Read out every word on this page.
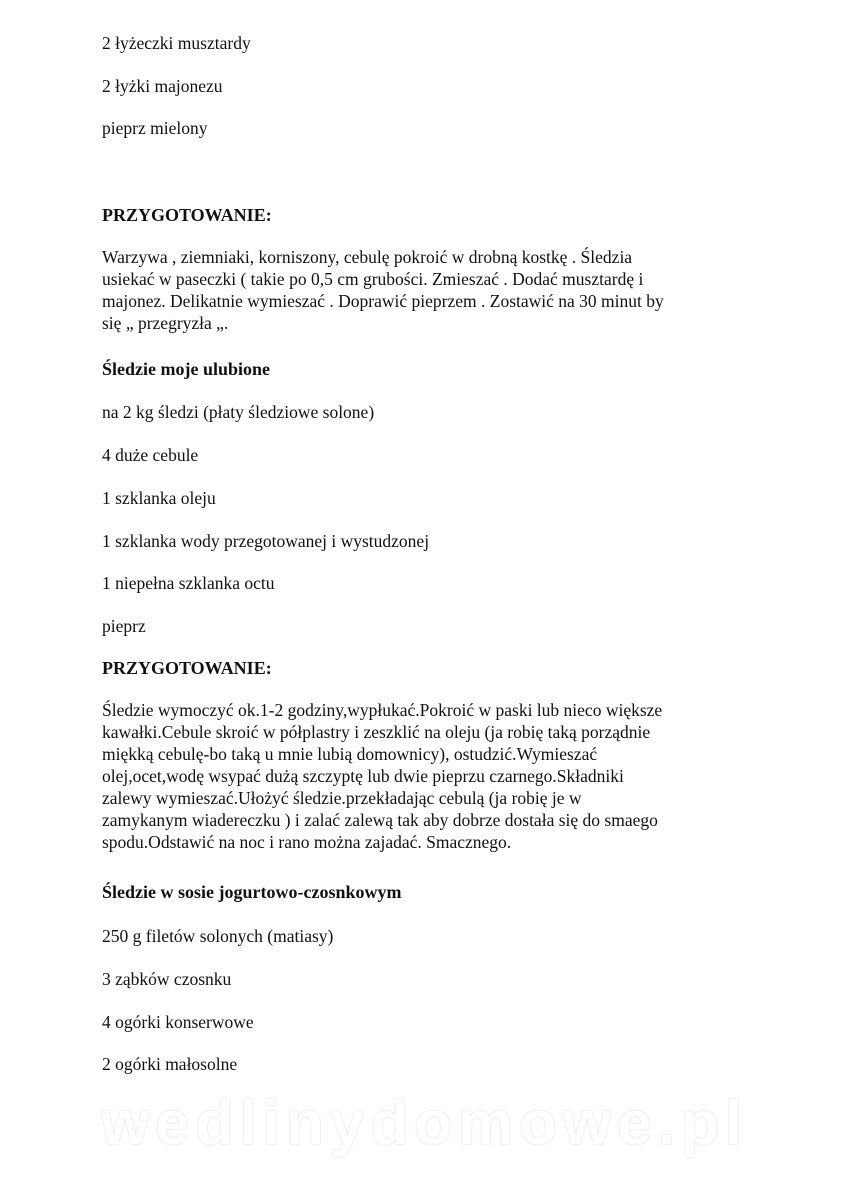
2 łyżeczki musztardy

2 łyżki majonezu

pieprz mielony

PRZYGOTOWANIE:

Warzywa , ziemniaki, korniszony, cebulę pokroić w drobną kostkę . Śledzia
usiekać w paseczki ( takie po 0,5 cm grubości. Zmieszać . Dodać musztardę i
majonez. Delikatnie wymieszać . Doprawić pieprzem . Zostawić na 30 minut by
się „ przegryzła „.

Śledzie moje ulubione

na 2 kg śledzi (płaty śledziowe solone)

4 duże cebule

1 szklanka oleju

1 szklanka wody przegotowanej i wystudzonej

1 niepełna szklanka octu

pieprz

PRZYGOTOWANIE:

Śledzie wymoczyć ok.1-2 godziny,wypłukać.Pokroić w paski lub nieco większe
kawałki.Cebule skroić w półplastry i zeszklić na oleju (ja robię taką porządnie
miękką cebulę-bo taką u mnie lubią domownicy), ostudzić.Wymieszać
olej,ocet,wodę wsypać dużą szczyptę lub dwie pieprzu czarnego.Składniki
zalewy wymieszać.Ułożyć śledzie.przekładając cebulą (ja robię je w
zamykanym wiadereczku ) i zalać zalewą tak aby dobrze dostała się do smaego
spodu.Odstawić na noc i rano można zajadać. Smacznego.

Śledzie w sosie jogurtowo-czosnkowym

250 g filetów solonych (matiasy)

3 ząbków czosnku

4 ogórki konserwowe

2 ogórki małosolne

wedlinydomowe.pl
